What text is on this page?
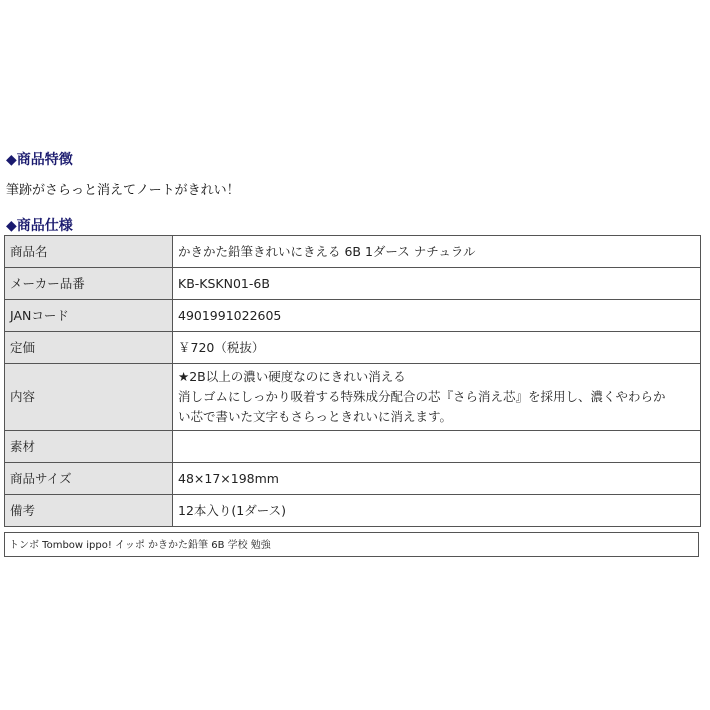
◆商品特徴
筆跡がさらっと消えてノートがきれい！
◆商品仕様
商品名	かきかた鉛筆きれいにきえる 6B 1ダース ナチュラル
メーカー品番	KB-KSKN01-6B
JANコード	4901991022605
定価	￥720（税抜）
内容	★2B以上の濃い硬度なのにきれい消える
消しゴムにしっかり吸着する特殊成分配合の芯『さら消え芯』を採用し、濃くやわらか
い芯で書いた文字もさらっときれいに消えます。

素材	
商品サイズ	48×17×198mm
備考	12本入り(1ダース)
トンボ Tombow ippo! イッポ かきかた鉛筆 6B 学校 勉強
